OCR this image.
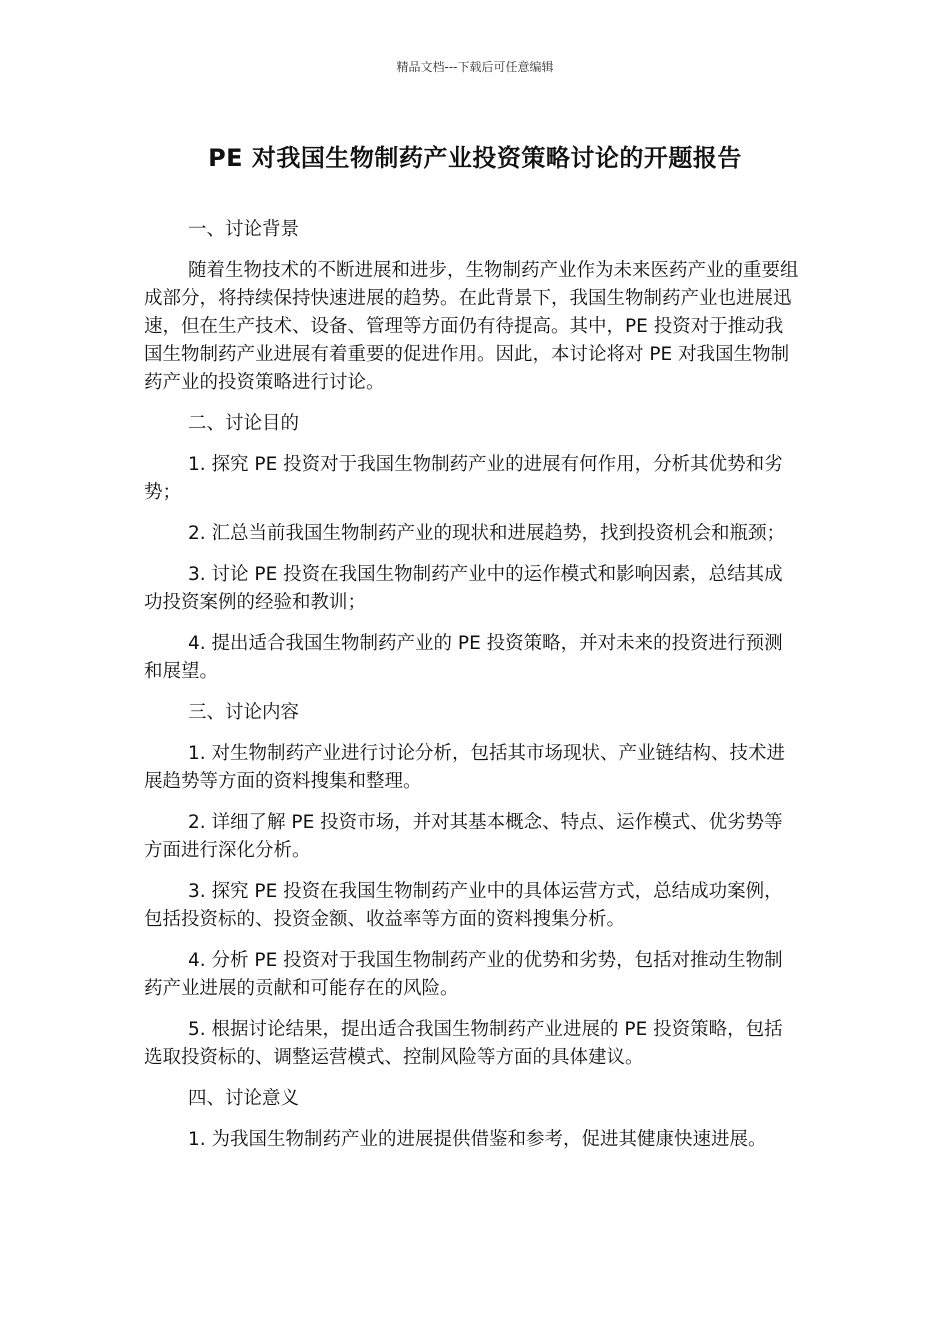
精品文档---下载后可任意编辑
PE 对我国生物制药产业投资策略讨论的开题报告

一、讨论背景

随着生物技术的不断进展和进步，生物制药产业作为未来医药产业的重要组成部分，将持续保持快速进展的趋势。在此背景下，我国生物制药产业也进展迅速，但在生产技术、设备、管理等方面仍有待提高。其中，PE 投资对于推动我国生物制药产业进展有着重要的促进作用。因此，本讨论将对 PE 对我国生物制药产业的投资策略进行讨论。

二、讨论目的

1. 探究 PE 投资对于我国生物制药产业的进展有何作用，分析其优势和劣势；

2. 汇总当前我国生物制药产业的现状和进展趋势，找到投资机会和瓶颈；

3. 讨论 PE 投资在我国生物制药产业中的运作模式和影响因素，总结其成功投资案例的经验和教训；

4. 提出适合我国生物制药产业的 PE 投资策略，并对未来的投资进行预测和展望。

三、讨论内容

1. 对生物制药产业进行讨论分析，包括其市场现状、产业链结构、技术进展趋势等方面的资料搜集和整理。

2. 详细了解 PE 投资市场，并对其基本概念、特点、运作模式、优劣势等方面进行深化分析。

3. 探究 PE 投资在我国生物制药产业中的具体运营方式，总结成功案例，包括投资标的、投资金额、收益率等方面的资料搜集分析。

4. 分析 PE 投资对于我国生物制药产业的优势和劣势，包括对推动生物制药产业进展的贡献和可能存在的风险。

5. 根据讨论结果，提出适合我国生物制药产业进展的 PE 投资策略，包括选取投资标的、调整运营模式、控制风险等方面的具体建议。

四、讨论意义

1. 为我国生物制药产业的进展提供借鉴和参考，促进其健康快速进展。
